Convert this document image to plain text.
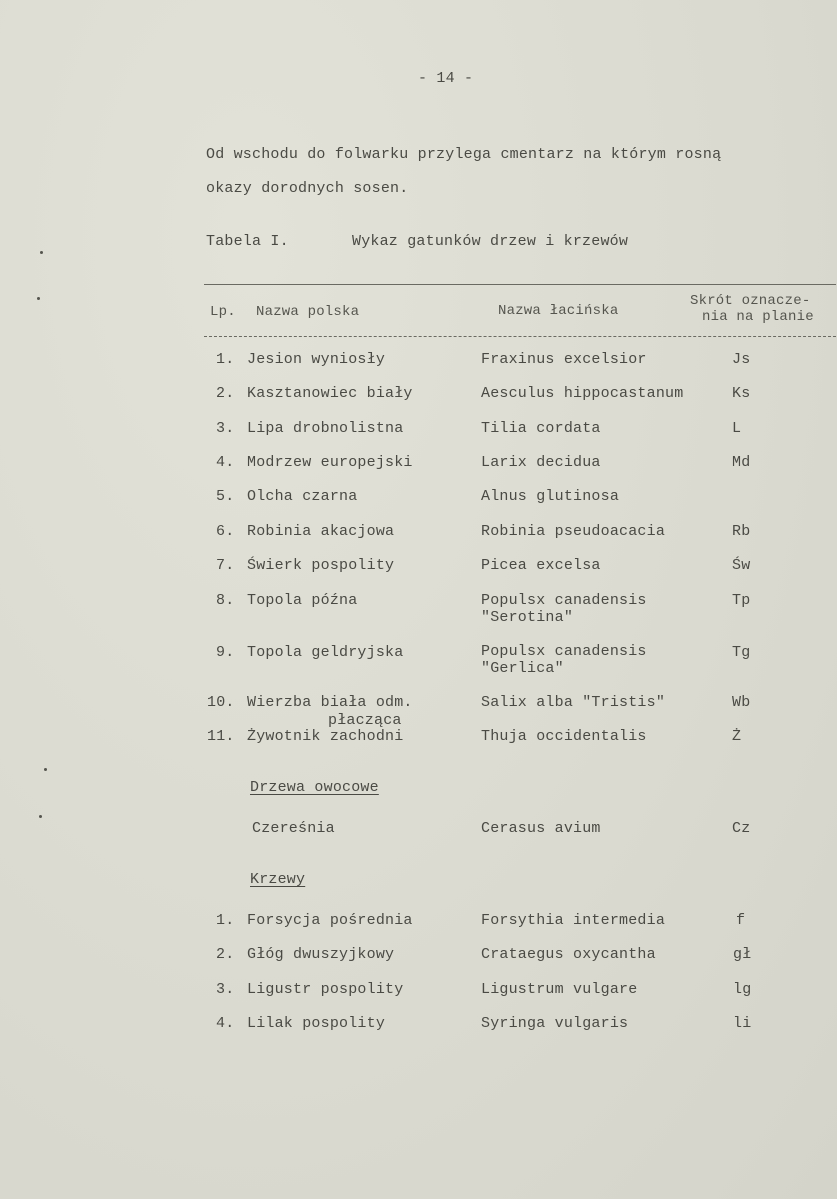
- 14 -
Od wschodu do folwarku przylega cmentarz na którym rosną
okazy dorodnych sosen.
Tabela I.	Wykaz gatunków drzew i krzewów
Lp. Nazwa polska	Nazwa łacińska
Skrót oznacze-
nia na planie
1. Jesion wyniosły	Fraxinus excelsior	Js
2. Kasztanowiec biały	Aesculus hippocastanum	Ks
3. Lipa drobnolistna	Tilia cordata	L
4. Modrzew europejski	Larix decidua	Md
5. Olcha czarna	Alnus glutinosa
6. Robinia akacjowa	Robinia pseudoacacia	Rb
7. Świerk pospolity	Picea excelsa	Św
8. Topola późna	Populsx canadensis
"Serotina"
Tp
9. Topola geldryjska	Populsx canadensis
"Gerlica"
Tg
10. Wierzba biała odm.
płacząca
Salix alba "Tristis"	Wb
11. Żywotnik zachodni	Thuja occidentalis	Ż
Drzewa owocowe
Czereśnia	Cerasus avium	Cz
Krzewy
1. Forsycja pośrednia	Forsythia intermedia	f
2. Głóg dwuszyjkowy	Crataegus oxycantha	gł
3. Ligustr pospolity	Ligustrum vulgare	lg
4. Lilak pospolity	Syringa vulgaris	li
